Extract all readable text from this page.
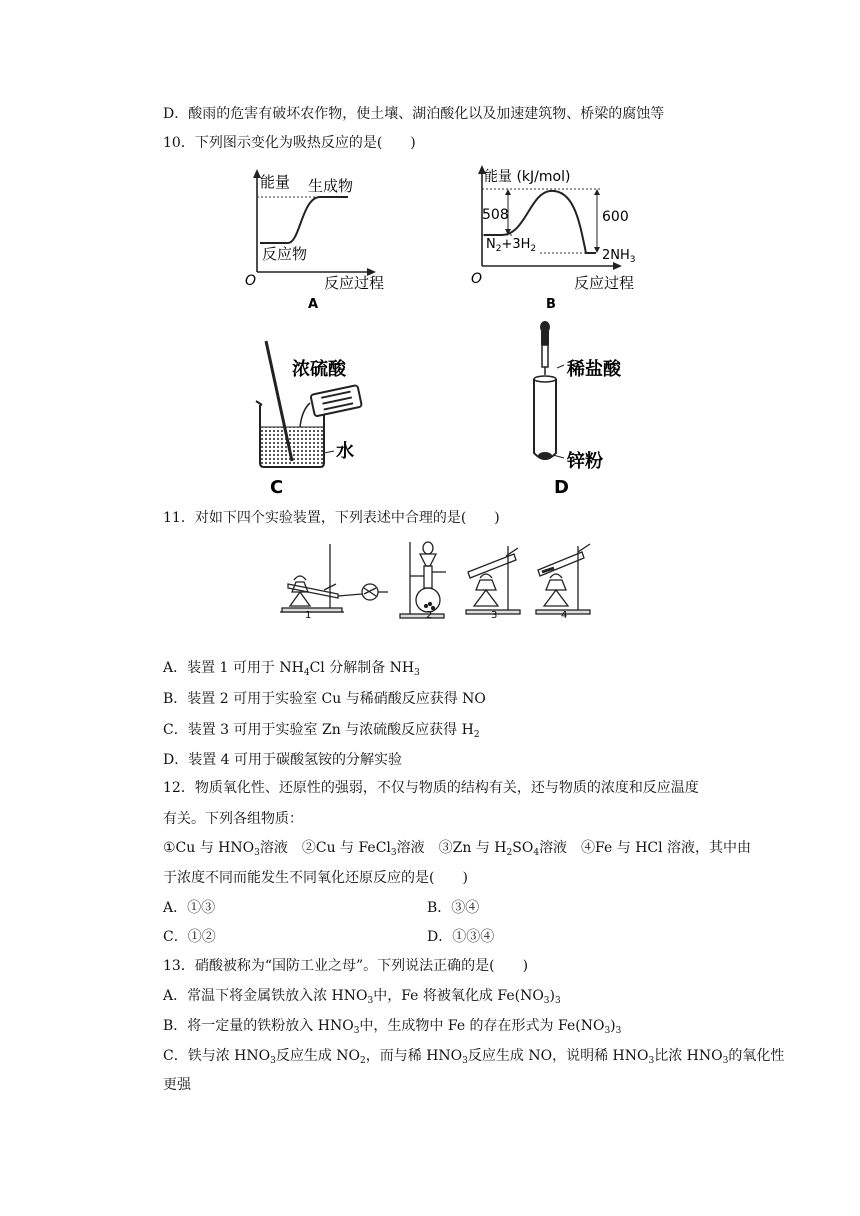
D．酸雨的危害有破坏农作物，使土壤、湖泊酸化以及加速建筑物、桥梁的腐蚀等
10．下列图示变化为吸热反应的是(　　)
能量 生成物
反应物
O	反应过程
A
能量 (kJ/mol)
508	600
$N_2+3H_2$	$2NH_3$
O	反应过程
B
浓硫酸
水
C
稀盐酸
锌粉
D
11．对如下四个实验装置，下列表述中合理的是(　　)
1	2	3	4
A．装置 1 可用于 $NH_4Cl$ 分解制备 $NH_3$
B．装置 2 可用于实验室 Cu 与稀硝酸反应获得 NO
C．装置 3 可用于实验室 Zn 与浓硫酸反应获得 $H_2$
D．装置 4 可用于碳酸氢铵的分解实验
12．物质氧化性、还原性的强弱，不仅与物质的结构有关，还与物质的浓度和反应温度
有关。下列各组物质：
①Cu 与 $HNO_3$溶液　②Cu 与 FeCl$_3$溶液　③Zn 与 $H_2SO_4$溶液　④Fe 与 HCl 溶液，其中由
于浓度不同而能发生不同氧化还原反应的是(　　)
A．①③	B．③④
C．①②	D．①③④
13．硝酸被称为“国防工业之母”。下列说法正确的是(　　)
A．常温下将金属铁放入浓 $HNO_3$中，Fe 将被氧化成 $Fe(NO_3)_3$
B．将一定量的铁粉放入 $HNO_3$中，生成物中 Fe 的存在形式为 $Fe(NO_3)_3$
C．铁与浓 $HNO_3$反应生成 $NO_2$，而与稀 $HNO_3$反应生成 NO，说明稀 $HNO_3$比浓 $HNO_3$的氧化性
更强
